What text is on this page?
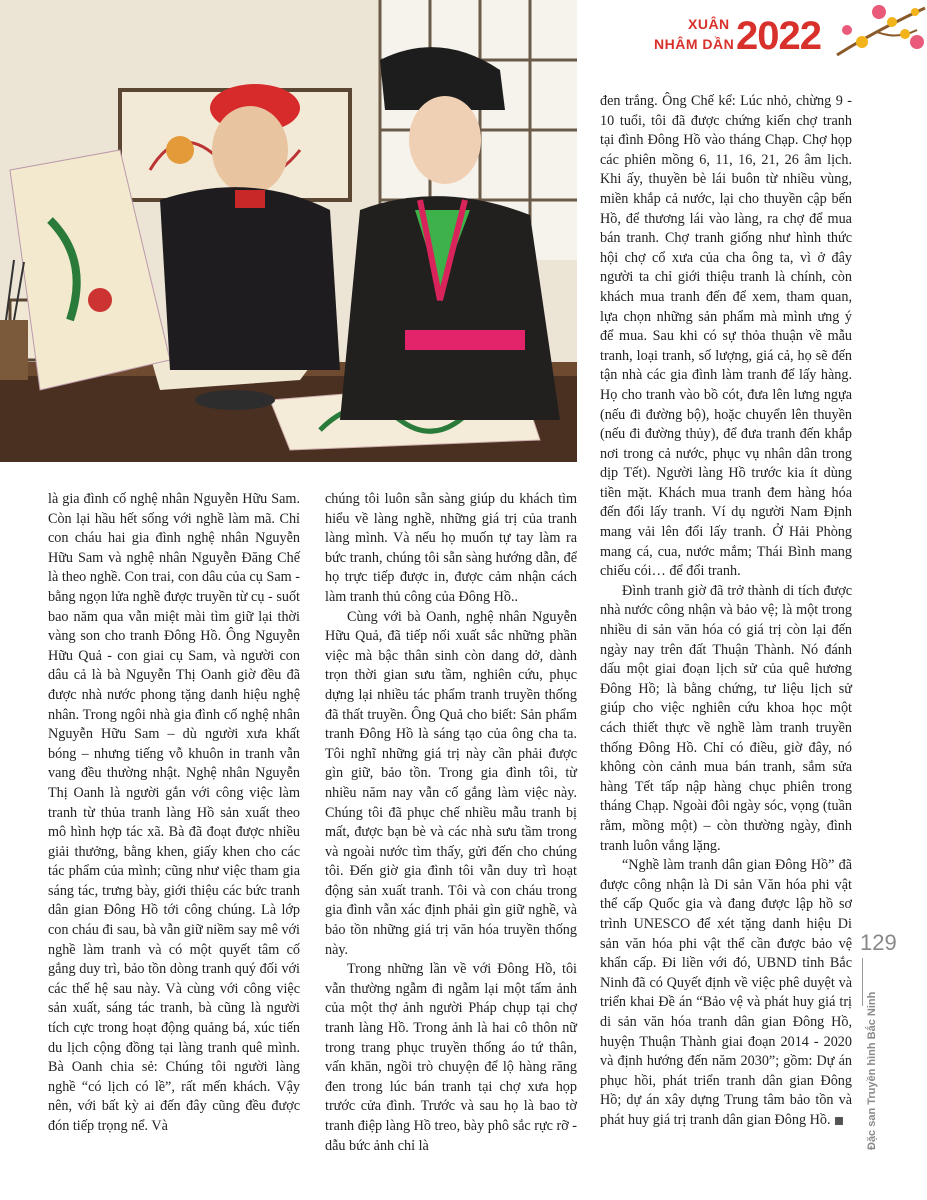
XUÂN
NHÂM DẦN 2022

là gia đình cố nghệ nhân Nguyễn Hữu Sam. Còn lại hầu hết sống với nghề làm mã. Chỉ con cháu hai gia đình nghệ nhân Nguyễn Hữu Sam và nghệ nhân Nguyễn Đăng Chế là theo nghề. Con trai, con dâu của cụ Sam - bằng ngọn lửa nghề được truyền từ cụ - suốt bao năm qua vẫn miệt mài tìm giữ lại thời vàng son cho tranh Đông Hồ. Ông Nguyễn Hữu Quả - con giai cụ Sam, và người con dâu cả là bà Nguyễn Thị Oanh giờ đều đã được nhà nước phong tặng danh hiệu nghệ nhân. Trong ngôi nhà gia đình cố nghệ nhân Nguyễn Hữu Sam – dù người xưa khất bóng – nhưng tiếng vỗ khuôn in tranh vẫn vang đều thường nhật. Nghệ nhân Nguyễn Thị Oanh là người gắn với công việc làm tranh từ thủa tranh làng Hồ sản xuất theo mô hình hợp tác xã. Bà đã đoạt được nhiều giải thưởng, bằng khen, giấy khen cho các tác phẩm của mình; cũng như việc tham gia sáng tác, trưng bày, giới thiệu các bức tranh dân gian Đông Hồ tới công chúng. Là lớp con cháu đi sau, bà vẫn giữ niềm say mê với nghề làm tranh và có một quyết tâm cố gắng duy trì, bảo tồn dòng tranh quý đối với các thế hệ sau này. Và cùng với công việc sản xuất, sáng tác tranh, bà cũng là người tích cực trong hoạt động quảng bá, xúc tiến du lịch cộng đồng tại làng tranh quê mình. Bà Oanh chia sẻ: Chúng tôi người làng nghề “có lịch có lề”, rất mến khách. Vậy nên, với bất kỳ ai đến đây cũng đều được đón tiếp trọng nể. Và

chúng tôi luôn sẵn sàng giúp du khách tìm hiểu về làng nghề, những giá trị của tranh làng mình. Và nếu họ muốn tự tay làm ra bức tranh, chúng tôi sẵn sàng hướng dẫn, để họ trực tiếp được in, được cảm nhận cách làm tranh thủ công của Đông Hồ..

Cùng với bà Oanh, nghệ nhân Nguyễn Hữu Quả, đã tiếp nối xuất sắc những phần việc mà bậc thân sinh còn dang dở, dành trọn thời gian sưu tầm, nghiên cứu, phục dựng lại nhiều tác phẩm tranh truyền thống đã thất truyền. Ông Quả cho biết: Sản phẩm tranh Đông Hồ là sáng tạo của ông cha ta. Tôi nghĩ những giá trị này cần phải được gìn giữ, bảo tồn. Trong gia đình tôi, từ nhiều năm nay vẫn cố gắng làm việc này. Chúng tôi đã phục chế nhiều mẫu tranh bị mất, được bạn bè và các nhà sưu tầm trong và ngoài nước tìm thấy, gửi đến cho chúng tôi. Đến giờ gia đình tôi vẫn duy trì hoạt động sản xuất tranh. Tôi và con cháu trong gia đình vẫn xác định phải gìn giữ nghề, và bảo tồn những giá trị văn hóa truyền thống này.

Trong những lần về với Đông Hồ, tôi vẫn thường ngẫm đi ngẫm lại một tấm ảnh của một thợ ảnh người Pháp chụp tại chợ tranh làng Hồ. Trong ảnh là hai cô thôn nữ trong trang phục truyền thống áo tứ thân, vấn khăn, ngồi trò chuyện để lộ hàng răng đen trong lúc bán tranh tại chợ xưa họp trước cửa đình. Trước và sau họ là bao tờ tranh điệp làng Hồ treo, bày phô sắc rực rỡ - dẫu bức ảnh chỉ là

đen trắng. Ông Chế kể: Lúc nhỏ, chừng 9 - 10 tuổi, tôi đã được chứng kiến chợ tranh tại đình Đông Hồ vào tháng Chạp. Chợ họp các phiên mồng 6, 11, 16, 21, 26 âm lịch. Khi ấy, thuyền bè lái buôn từ nhiều vùng, miền khắp cả nước, lại cho thuyền cập bến Hồ, để thương lái vào làng, ra chợ để mua bán tranh. Chợ tranh giống như hình thức hội chợ cổ xưa của cha ông ta, vì ở đây người ta chỉ giới thiệu tranh là chính, còn khách mua tranh đến để xem, tham quan, lựa chọn những sản phẩm mà mình ưng ý để mua. Sau khi có sự thỏa thuận về mẫu tranh, loại tranh, số lượng, giá cả, họ sẽ đến tận nhà các gia đình làm tranh để lấy hàng. Họ cho tranh vào bồ cót, đưa lên lưng ngựa (nếu đi đường bộ), hoặc chuyển lên thuyền (nếu đi đường thủy), để đưa tranh đến khắp nơi trong cả nước, phục vụ nhân dân trong dịp Tết). Người làng Hồ trước kia ít dùng tiền mặt. Khách mua tranh đem hàng hóa đến đổi lấy tranh. Ví dụ người Nam Định mang vải lên đổi lấy tranh. Ở Hải Phòng mang cá, cua, nước mắm; Thái Bình mang chiếu cói… để đổi tranh.

Đình tranh giờ đã trở thành di tích được nhà nước công nhận và bảo vệ; là một trong nhiều di sản văn hóa có giá trị còn lại đến ngày nay trên đất Thuận Thành. Nó đánh dấu một giai đoạn lịch sử của quê hương Đông Hồ; là bằng chứng, tư liệu lịch sử giúp cho việc nghiên cứu khoa học một cách thiết thực về nghề làm tranh truyền thống Đông Hồ. Chỉ có điều, giờ đây, nó không còn cảnh mua bán tranh, sắm sửa hàng Tết tấp nập hàng chục phiên trong tháng Chạp. Ngoài đôi ngày sóc, vọng (tuần rằm, mồng một) – còn thường ngày, đình tranh luôn vắng lặng.

“Nghề làm tranh dân gian Đông Hồ” đã được công nhận là Di sản Văn hóa phi vật thể cấp Quốc gia và đang được lập hồ sơ trình UNESCO để xét tặng danh hiệu Di sản văn hóa phi vật thể cần được bảo vệ khẩn cấp. Đi liền với đó, UBND tỉnh Bắc Ninh đã có Quyết định về việc phê duyệt và triển khai Đề án “Bảo vệ và phát huy giá trị di sản văn hóa tranh dân gian Đông Hồ, huyện Thuận Thành giai đoạn 2014 - 2020 và định hướng đến năm 2030”; gồm: Dự án phục hồi, phát triển tranh dân gian Đông Hồ; dự án xây dựng Trung tâm bảo tồn và phát huy giá trị tranh dân gian Đông Hồ.

129
Đặc san Truyền hình Bắc Ninh
